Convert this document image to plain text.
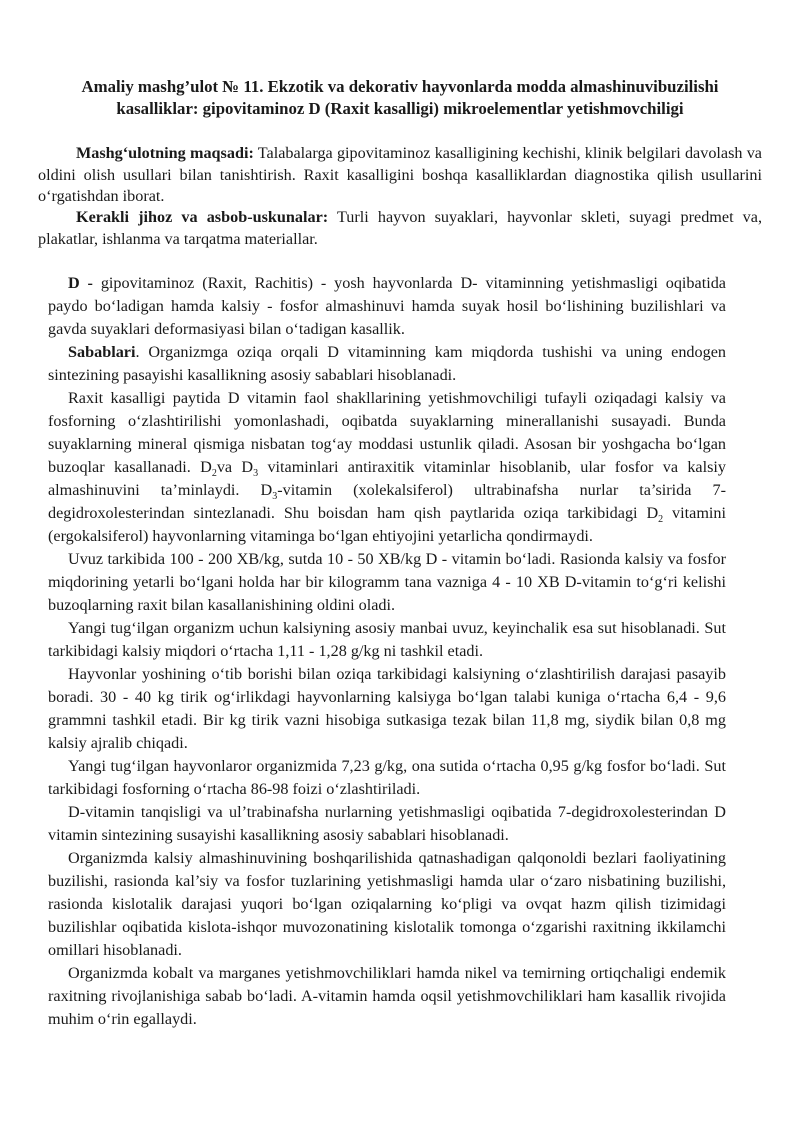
Amaliy mashg’ulot № 11. Ekzotik va dekorativ hayvonlarda modda almashinuvibuzilishi kasalliklar: gipovitaminoz D (Raxit kasalligi) mikroelementlar yetishmovchiligi

Mashg‘ulotning maqsadi: Talabalarga gipovitaminoz kasalligining kechishi, klinik belgilari davolash va oldini olish usullari bilan tanishtirish. Raxit kasalligini boshqa kasalliklardan diagnostika qilish usullarini o‘rgatishdan iborat.

Kerakli jihoz va asbob-uskunalar: Turli hayvon suyaklari, hayvonlar skleti, suyagi predmet va, plakatlar, ishlanma va tarqatma materiallar.

D - gipovitaminoz (Raxit, Rachitis) - yosh hayvonlarda D- vitaminning yetishmasligi oqibatida paydo bo‘ladigan hamda kalsiy - fosfor almashinuvi hamda suyak hosil bo‘lishining buzilishlari va gavda suyaklari deformasiyasi bilan o‘tadigan kasallik.

Sabablari. Organizmga oziqa orqali D vitaminning kam miqdorda tushishi va uning endogen sintezining pasayishi kasallikning asosiy sabablari hisoblanadi.

Raxit kasalligi paytida D vitamin faol shakllarining yetishmovchiligi tufayli oziqadagi kalsiy va fosforning o‘zlashtirilishi yomonlashadi, oqibatda suyaklarning minerallanishi susayadi. Bunda suyaklarning mineral qismiga nisbatan tog‘ay moddasi ustunlik qiladi. Asosan bir yoshgacha bo‘lgan buzoqlar kasallanadi. $D_2va$ $D_3$ vitaminlari antiraxitik vitaminlar hisoblanib, ular fosfor va kalsiy almashinuvini ta’minlaydi. $D_3$-vitamin (xolekalsiferol) ultrabinafsha nurlar ta’sirida 7-degidroxolesterindan sintezlanadi. Shu boisdan ham qish paytlarida oziqa tarkibidagi $D_2$ vitamini (ergokalsiferol) hayvonlarning vitaminga bo‘lgan ehtiyojini yetarlicha qondirmaydi.

Uvuz tarkibida 100 - 200 XB/kg, sutda 10 - 50 XB/kg D - vitamin bo‘ladi. Rasionda kalsiy va fosfor miqdorining yetarli bo‘lgani holda har bir kilogramm tana vazniga 4 - 10 XB D-vitamin to‘g‘ri kelishi buzoqlarning raxit bilan kasallanishining oldini oladi.

Yangi tug‘ilgan organizm uchun kalsiyning asosiy manbai uvuz, keyinchalik esa sut hisoblanadi. Sut tarkibidagi kalsiy miqdori o‘rtacha 1,11 - 1,28 g/kg ni tashkil etadi.

Hayvonlar yoshining o‘tib borishi bilan oziqa tarkibidagi kalsiyning o‘zlashtirilish darajasi pasayib boradi. 30 - 40 kg tirik og‘irlikdagi hayvonlarning kalsiyga bo‘lgan talabi kuniga o‘rtacha 6,4 - 9,6 grammni tashkil etadi. Bir kg tirik vazni hisobiga sutkasiga tezak bilan 11,8 mg, siydik bilan 0,8 mg kalsiy ajralib chiqadi.

Yangi tug‘ilgan hayvonlaror organizmida 7,23 g/kg, ona sutida o‘rtacha 0,95 g/kg fosfor bo‘ladi. Sut tarkibidagi fosforning o‘rtacha 86-98 foizi o‘zlashtiriladi.

D-vitamin tanqisligi va ul’trabinafsha nurlarning yetishmasligi oqibatida 7-degidroxolesterindan D vitamin sintezining susayishi kasallikning asosiy sabablari hisoblanadi.

Organizmda kalsiy almashinuvining boshqarilishida qatnashadigan qalqonoldi bezlari faoliyatining buzilishi, rasionda kal’siy va fosfor tuzlarining yetishmasligi hamda ular o‘zaro nisbatining buzilishi, rasionda kislotalik darajasi yuqori bo‘lgan oziqalarning ko‘pligi va ovqat hazm qilish tizimidagi buzilishlar oqibatida kislota-ishqor muvozonatining kislotalik tomonga o‘zgarishi raxitning ikkilamchi omillari hisoblanadi.

Organizmda kobalt va marganes yetishmovchiliklari hamda nikel va temirning ortiqchaligi endemik raxitning rivojlanishiga sabab bo‘ladi. A-vitamin hamda oqsil yetishmovchiliklari ham kasallik rivojida muhim o‘rin egallaydi.
